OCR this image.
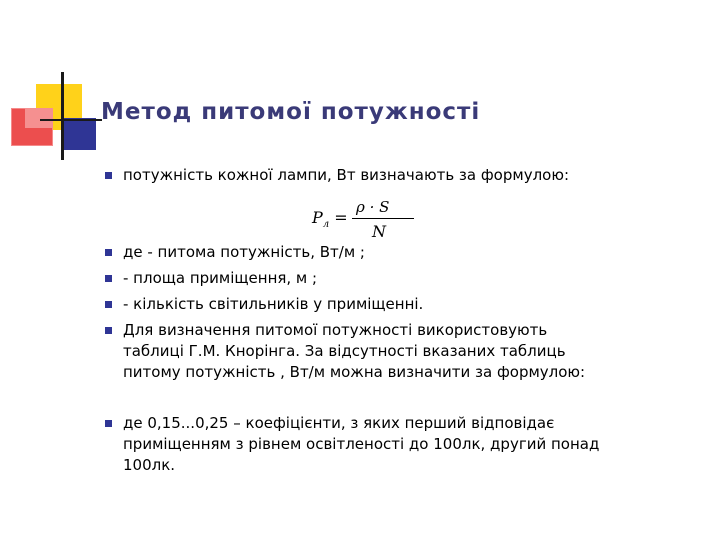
Метод питомої потужності
потужність кожної лампи, Вт визначають за формулою:
$P_л$ =
ρ · S
N
де - питома потужність, Вт/м ;
- площа приміщення, м ;
- кількість світильників у приміщенні.
Для визначення питомої потужності використовують
таблиці Г.М. Кнорінга. За відсутності вказаних таблиць
питому потужність , Вт/м можна визначити за формулою:
де 0,15...0,25 – коефіцієнти, з яких перший відповідає
приміщенням з рівнем освітленості до 100лк, другий понад
100лк.
